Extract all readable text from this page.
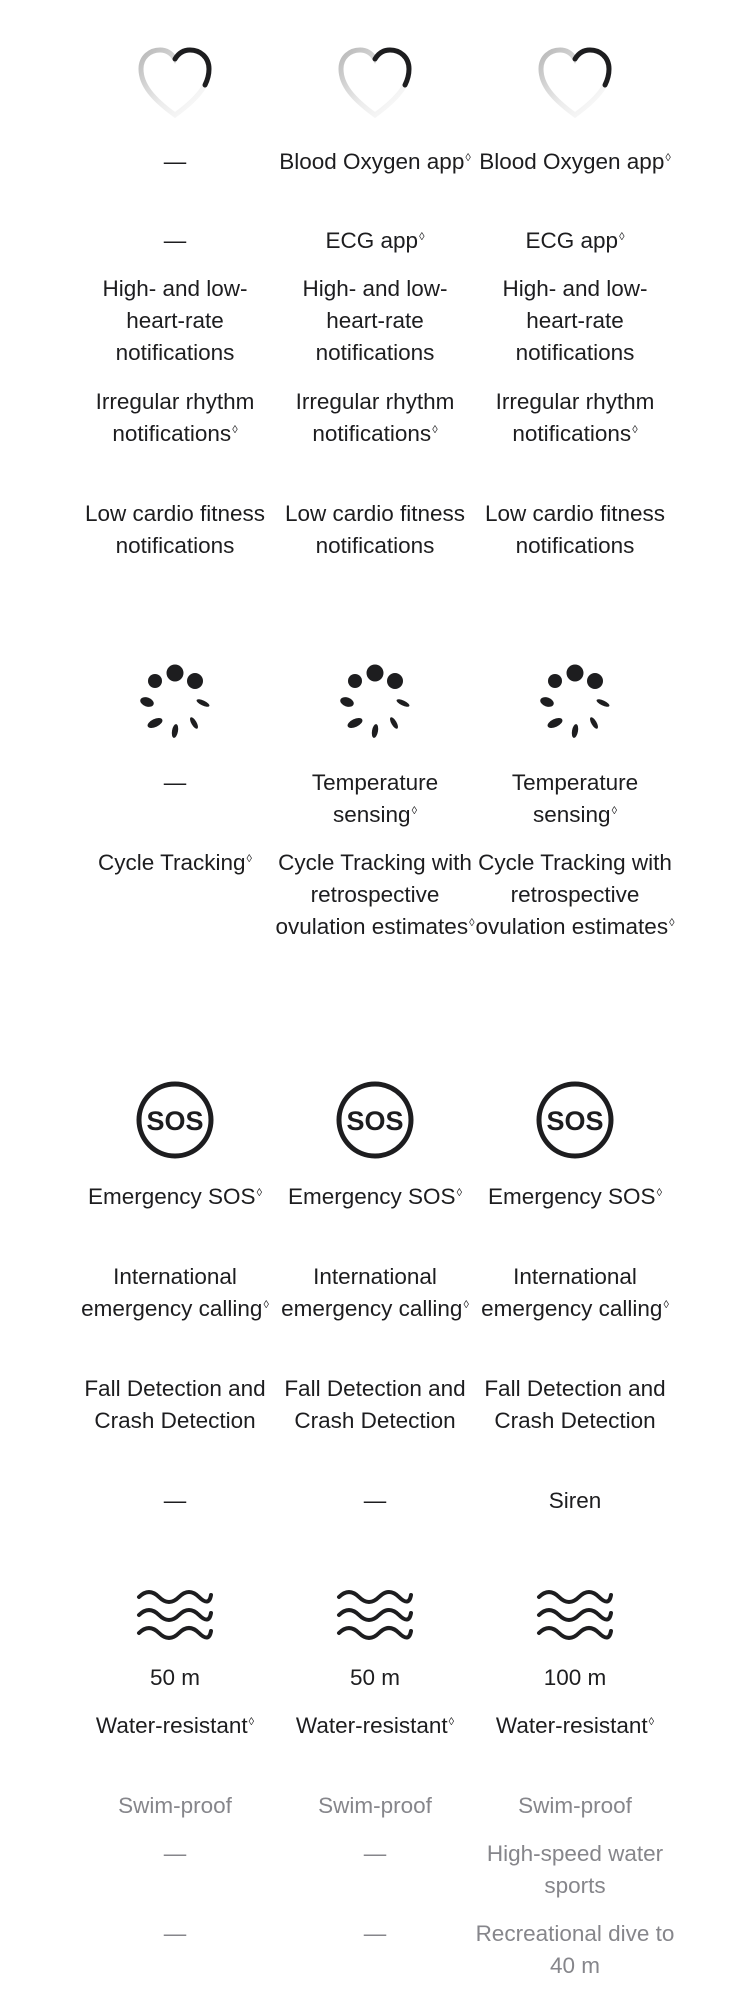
—

—

High- and low-heart-rate notifications

Irregular rhythm notifications◊

Low cardio fitness notifications

Blood Oxygen app◊

ECG app◊

High- and low-heart-rate notifications

Irregular rhythm notifications◊

Low cardio fitness notifications

Blood Oxygen app◊

ECG app◊

High- and low-heart-rate notifications

Irregular rhythm notifications◊

Low cardio fitness notifications

—

Cycle Tracking◊

Temperature sensing◊

Cycle Tracking with retrospective ovulation estimates◊

Temperature sensing◊

Cycle Tracking with retrospective ovulation estimates◊

SOS

Emergency SOS◊

International emergency calling◊

Fall Detection and Crash Detection

—

SOS

Emergency SOS◊

International emergency calling◊

Fall Detection and Crash Detection

—

SOS

Emergency SOS◊

International emergency calling◊

Fall Detection and Crash Detection

Siren

50 m

Water-resistant◊

Swim-proof

—

—

50 m

Water-resistant◊

Swim-proof

—

—

100 m

Water-resistant◊

Swim-proof

High-speed water sports

Recreational dive to 40 m
